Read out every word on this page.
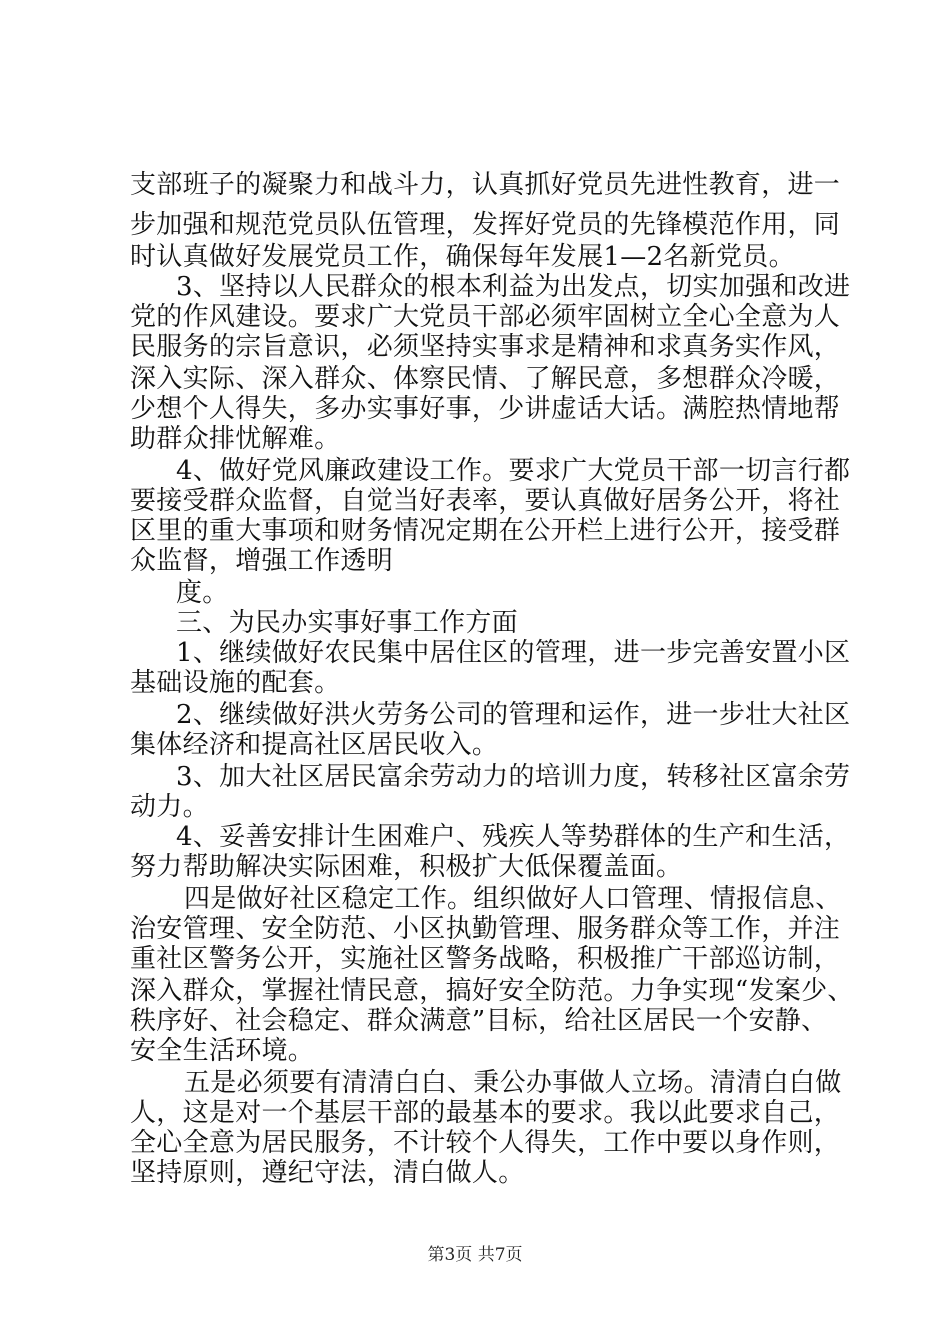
支部班子的凝聚力和战斗力，认真抓好党员先进性教育，进一
步加强和规范党员队伍管理，发挥好党员的先锋模范作用，同
时认真做好发展党员工作，确保每年发展1—2名新党员。
3、坚持以人民群众的根本利益为出发点，切实加强和改进
党的作风建设。要求广大党员干部必须牢固树立全心全意为人
民服务的宗旨意识，必须坚持实事求是精神和求真务实作风，
深入实际、深入群众、体察民情、了解民意，多想群众冷暖，
少想个人得失，多办实事好事，少讲虚话大话。满腔热情地帮
助群众排忧解难。
4、做好党风廉政建设工作。要求广大党员干部一切言行都
要接受群众监督，自觉当好表率，要认真做好居务公开，将社
区里的重大事项和财务情况定期在公开栏上进行公开，接受群
众监督，增强工作透明
度。
三、为民办实事好事工作方面
1、继续做好农民集中居住区的管理，进一步完善安置小区
基础设施的配套。
2、继续做好洪火劳务公司的管理和运作，进一步壮大社区
集体经济和提高社区居民收入。
3、加大社区居民富余劳动力的培训力度，转移社区富余劳
动力。
4、妥善安排计生困难户、残疾人等势群体的生产和生活，
努力帮助解决实际困难，积极扩大低保覆盖面。
四是做好社区稳定工作。组织做好人口管理、情报信息、
治安管理、安全防范、小区执勤管理、服务群众等工作，并注
重社区警务公开，实施社区警务战略，积极推广干部巡访制，
深入群众，掌握社情民意，搞好安全防范。力争实现“发案少、
秩序好、社会稳定、群众满意”目标，给社区居民一个安静、
安全生活环境。
五是必须要有清清白白、秉公办事做人立场。清清白白做
人，这是对一个基层干部的最基本的要求。我以此要求自己，
全心全意为居民服务，不计较个人得失，工作中要以身作则，
坚持原则，遵纪守法，清白做人。
第3页 共7页
